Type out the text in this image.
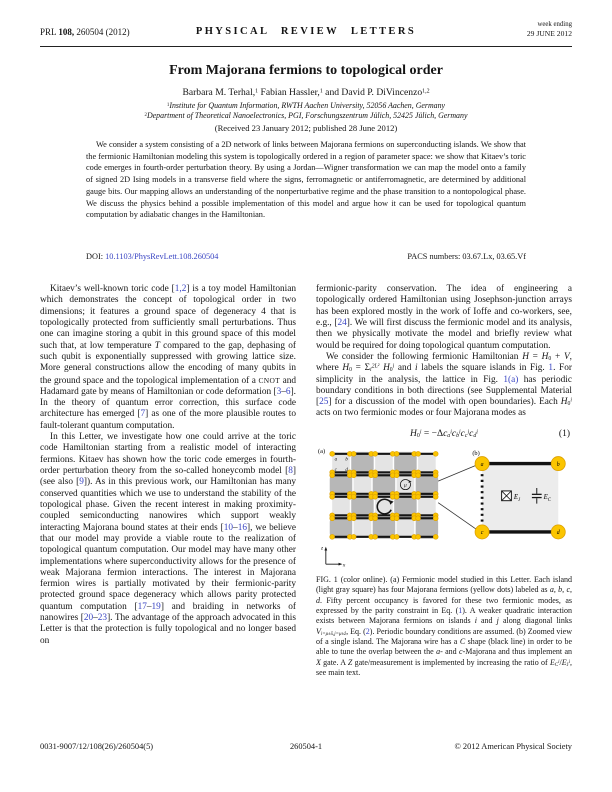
PRL 108, 260504 (2012)	PHYSICAL REVIEW LETTERS
week ending
29 JUNE 2012
From Majorana fermions to topological order
Barbara M. Terhal,$^1$ Fabian Hassler,$^1$ and David P. DiVincenzo$^{1,2}$
$^1$Institute for Quantum Information, RWTH Aachen University, 52056 Aachen, Germany
$^2$Department of Theoretical Nanoelectronics, PGI, Forschungszentrum Jülich, 52425 Jülich, Germany
(Received 23 January 2012; published 28 June 2012)
We consider a system consisting of a 2D network of links between Majorana fermions on superconducting islands. We show that the fermionic Hamiltonian modeling this system is topologically ordered in a region of parameter space: we show that Kitaev’s toric code emerges in fourth-order perturbation theory. By using a Jordan—Wigner transformation we can map the model onto a family of signed 2D Ising models in a transverse field where the signs, ferromagnetic or antiferromagnetic, are determined by additional gauge bits. Our mapping allows an understanding of the nonperturbative regime and the phase transition to a nontopological phase. We discuss the physics behind a possible implementation of this model and argue how it can be used for topological quantum computation by adiabatic changes in the Hamiltonian.
DOI: 10.1103/PhysRevLett.108.260504	PACS numbers: 03.67.Lx, 03.65.Vf

Kitaev’s well-known toric code [1,2] is a toy model Hamiltonian which demonstrates the concept of topological order in two dimensions; it features a ground space of degeneracy 4 that is topologically protected from sufficiently small perturbations. Thus one can imagine storing a qubit in this ground space of this model such that, at low temperature T compared to the gap, dephasing of such qubit is exponentially suppressed with growing lattice size. More general constructions allow the encoding of many qubits in the ground space and the topological implementation of a CNOT and Hadamard gate by means of Hamiltonian or code deformation [3–6]. In the theory of quantum error correction, this surface code architecture has emerged [7] as one of the more plausible routes to fault-tolerant quantum computation.

In this Letter, we investigate how one could arrive at the toric code Hamiltonian starting from a realistic model of interacting fermions. Kitaev has shown how the toric code emerges in fourth-order perturbation theory from the so-called honeycomb model [8] (see also [9]). As in this previous work, our Hamiltonian has many conserved quantities which we use to understand the stability of the topological phase. Given the recent interest in making proximity-coupled semiconducting nanowires which support weakly interacting Majorana bound states at their ends [10–16], we believe that our model may provide a viable route to the realization of topological quantum computation. Our model may have many other implementations where superconductivity allows for the presence of weak Majorana fermion interactions. The interest in Majorana fermion wires is partially motivated by their fermionic-parity protected ground space degeneracy which allows parity protected quantum computation [17–19] and braiding in networks of nanowires [20–23]. The advantage of the approach advocated in this Letter is that the protection is fully topological and no longer based on

fermionic-parity conservation. The idea of engineering a topologically ordered Hamiltonian using Josephson-junction arrays has been explored mostly in the work of Ioffe and co-workers, see, e.g., [24]. We will first discuss the fermionic model and its analysis, then we physically motivate the model and briefly review what would be required for doing topological quantum computation.

We consider the following fermionic Hamiltonian H = H0 + V, where $H0 = \Sigma i^{2L^2}$ H0$^i$ and i labels the square islands in Fig. 1. For simplicity in the analysis, the lattice in Fig. 1(a) has periodic boundary conditions in both directions (see Supplemental Material [25] for a discussion of the model with open boundaries). Each H0$^i$ acts on two fermionic modes or four Majorana modes as

$H0^i = -\Delta ca^icb^icc^icd^i$	(1)
(a)
a b
c d
μ
z
x
(b)
$E_J$	$E_C$
a	b
c	d
FIG. 1 (color online). (a) Fermionic model studied in this Letter. Each island (light gray square) has four Majorana fermions (yellow dots) labeled as a, b, c, d. Fifty percent occupancy is favored for these two fermionic modes, as expressed by the parity constraint in Eq. (1). A weaker quadratic interaction exists between Majorana fermions on islands i and j along diagonal links Vi=μ±x̂,j=μ±ẑ, Eq. (2). Periodic boundary conditions are assumed. (b) Zoomed view of a single island. The Majorana wire has a C shape (black line) in order to be able to tune the overlap between the a- and c-Majorana and thus implement an X gate. A Z gate/measurement is implemented by increasing the ratio of $EC^i/EJ^i$, see main text.
260504-1
0031-9007/12/108(26)/260504(5)	© 2012 American Physical Society
